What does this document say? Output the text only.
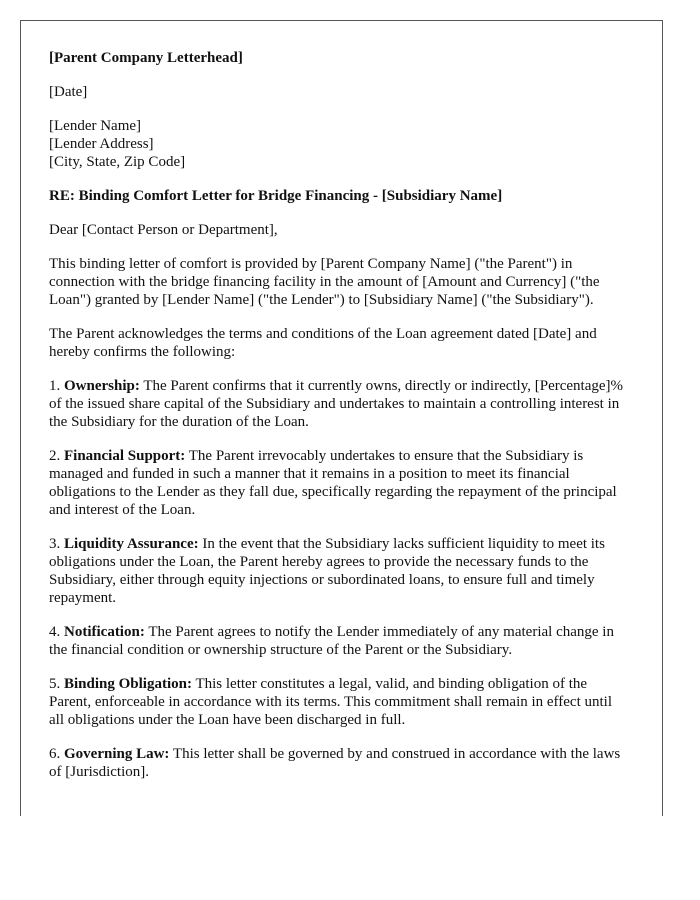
[Parent Company Letterhead]

[Date]

[Lender Name]
[Lender Address]
[City, State, Zip Code]

RE: Binding Comfort Letter for Bridge Financing - [Subsidiary Name]

Dear [Contact Person or Department],

This binding letter of comfort is provided by [Parent Company Name] ("the Parent") in connection with the bridge financing facility in the amount of [Amount and Currency] ("the Loan") granted by [Lender Name] ("the Lender") to [Subsidiary Name] ("the Subsidiary").

The Parent acknowledges the terms and conditions of the Loan agreement dated [Date] and hereby confirms the following:

1. Ownership: The Parent confirms that it currently owns, directly or indirectly, [Percentage]% of the issued share capital of the Subsidiary and undertakes to maintain a controlling interest in the Subsidiary for the duration of the Loan.

2. Financial Support: The Parent irrevocably undertakes to ensure that the Subsidiary is managed and funded in such a manner that it remains in a position to meet its financial obligations to the Lender as they fall due, specifically regarding the repayment of the principal and interest of the Loan.

3. Liquidity Assurance: In the event that the Subsidiary lacks sufficient liquidity to meet its obligations under the Loan, the Parent hereby agrees to provide the necessary funds to the Subsidiary, either through equity injections or subordinated loans, to ensure full and timely repayment.

4. Notification: The Parent agrees to notify the Lender immediately of any material change in the financial condition or ownership structure of the Parent or the Subsidiary.

5. Binding Obligation: This letter constitutes a legal, valid, and binding obligation of the Parent, enforceable in accordance with its terms. This commitment shall remain in effect until all obligations under the Loan have been discharged in full.

6. Governing Law: This letter shall be governed by and construed in accordance with the laws of [Jurisdiction].
